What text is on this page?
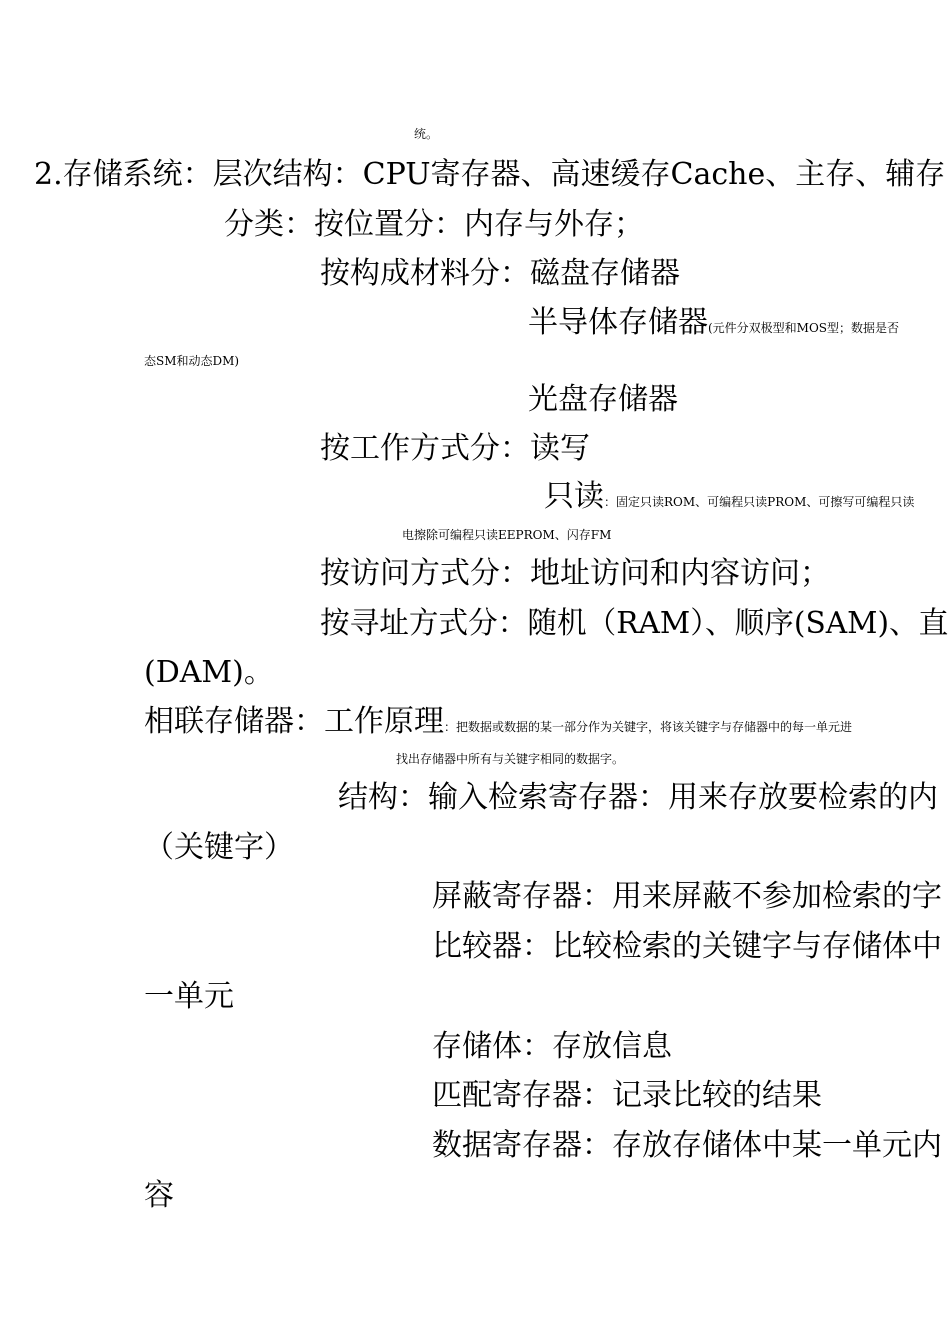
统。
2.存储系统：层次结构：CPU寄存器、高速缓存Cache、主存、辅存
分类：按位置分：内存与外存；
按构成材料分：磁盘存储器
半导体存储器(元件分双极型和MOS型；数据是否
态SM和动态DM)
光盘存储器
按工作方式分：读写
只读：固定只读ROM、可编程只读PROM、可擦写可编程只读
电擦除可编程只读EEPROM、闪存FM
按访问方式分：地址访问和内容访问；
按寻址方式分：随机（RAM）、顺序(SAM)、直
(DAM)。
相联存储器：工作原理：把数据或数据的某一部分作为关键字，将该关键字与存储器中的每一单元进
找出存储器中所有与关键字相同的数据字。
结构：输入检索寄存器：用来存放要检索的内
（关键字）
屏蔽寄存器：用来屏蔽不参加检索的字
比较器：比较检索的关键字与存储体中
一单元
存储体：存放信息
匹配寄存器：记录比较的结果
数据寄存器：存放存储体中某一单元内
容
